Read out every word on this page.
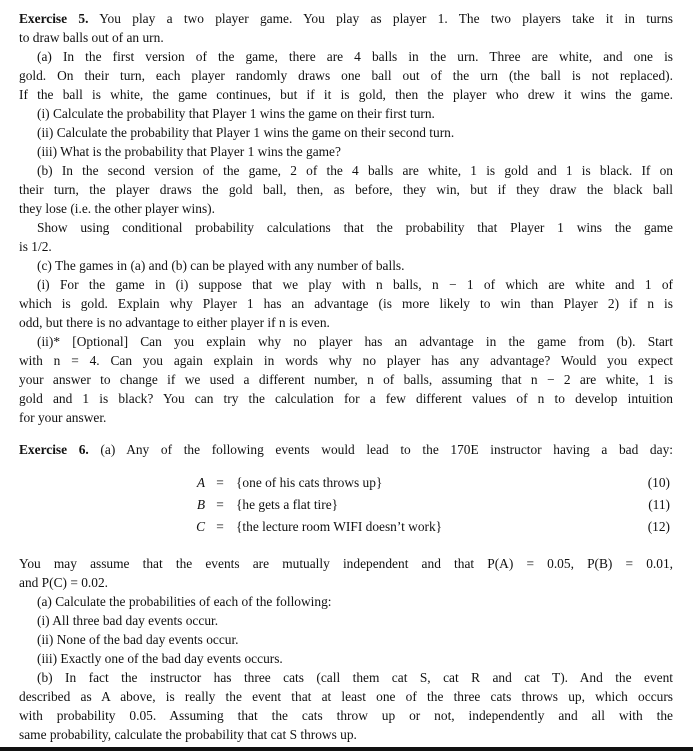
Exercise 5. You play a two player game. You play as player 1. The two players take it in turns
to draw balls out of an urn.
(a) In the first version of the game, there are 4 balls in the urn. Three are white, and one is
gold. On their turn, each player randomly draws one ball out of the urn (the ball is not replaced).
If the ball is white, the game continues, but if it is gold, then the player who drew it wins the game.
(i) Calculate the probability that Player 1 wins the game on their first turn.
(ii) Calculate the probability that Player 1 wins the game on their second turn.
(iii) What is the probability that Player 1 wins the game?
(b) In the second version of the game, 2 of the 4 balls are white, 1 is gold and 1 is black. If on
their turn, the player draws the gold ball, then, as before, they win, but if they draw the black ball
they lose (i.e. the other player wins).
Show using conditional probability calculations that the probability that Player 1 wins the game
is 1/2.
(c) The games in (a) and (b) can be played with any number of balls.
(i) For the game in (i) suppose that we play with n balls, n − 1 of which are white and 1 of
which is gold. Explain why Player 1 has an advantage (is more likely to win than Player 2) if n is
odd, but there is no advantage to either player if n is even.
(ii)* [Optional] Can you explain why no player has an advantage in the game from (b). Start
with n = 4. Can you again explain in words why no player has any advantage? Would you expect
your answer to change if we used a different number, n of balls, assuming that n − 2 are white, 1 is
gold and 1 is black? You can try the calculation for a few different values of n to develop intuition
for your answer.
Exercise 6. (a) Any of the following events would lead to the 170E instructor having a bad day:
A = {one of his cats throws up}	(10)
B = {he gets a flat tire}	(11)
C = {the lecture room WIFI doesn’t work}	(12)
You may assume that the events are mutually independent and that P(A) = 0.05, P(B) = 0.01,
and P(C) = 0.02.
(a) Calculate the probabilities of each of the following:
(i) All three bad day events occur.
(ii) None of the bad day events occur.
(iii) Exactly one of the bad day events occurs.
(b) In fact the instructor has three cats (call them cat S, cat R and cat T). And the event
described as A above, is really the event that at least one of the three cats throws up, which occurs
with probability 0.05. Assuming that the cats throw up or not, independently and all with the
same probability, calculate the probability that cat S throws up.
